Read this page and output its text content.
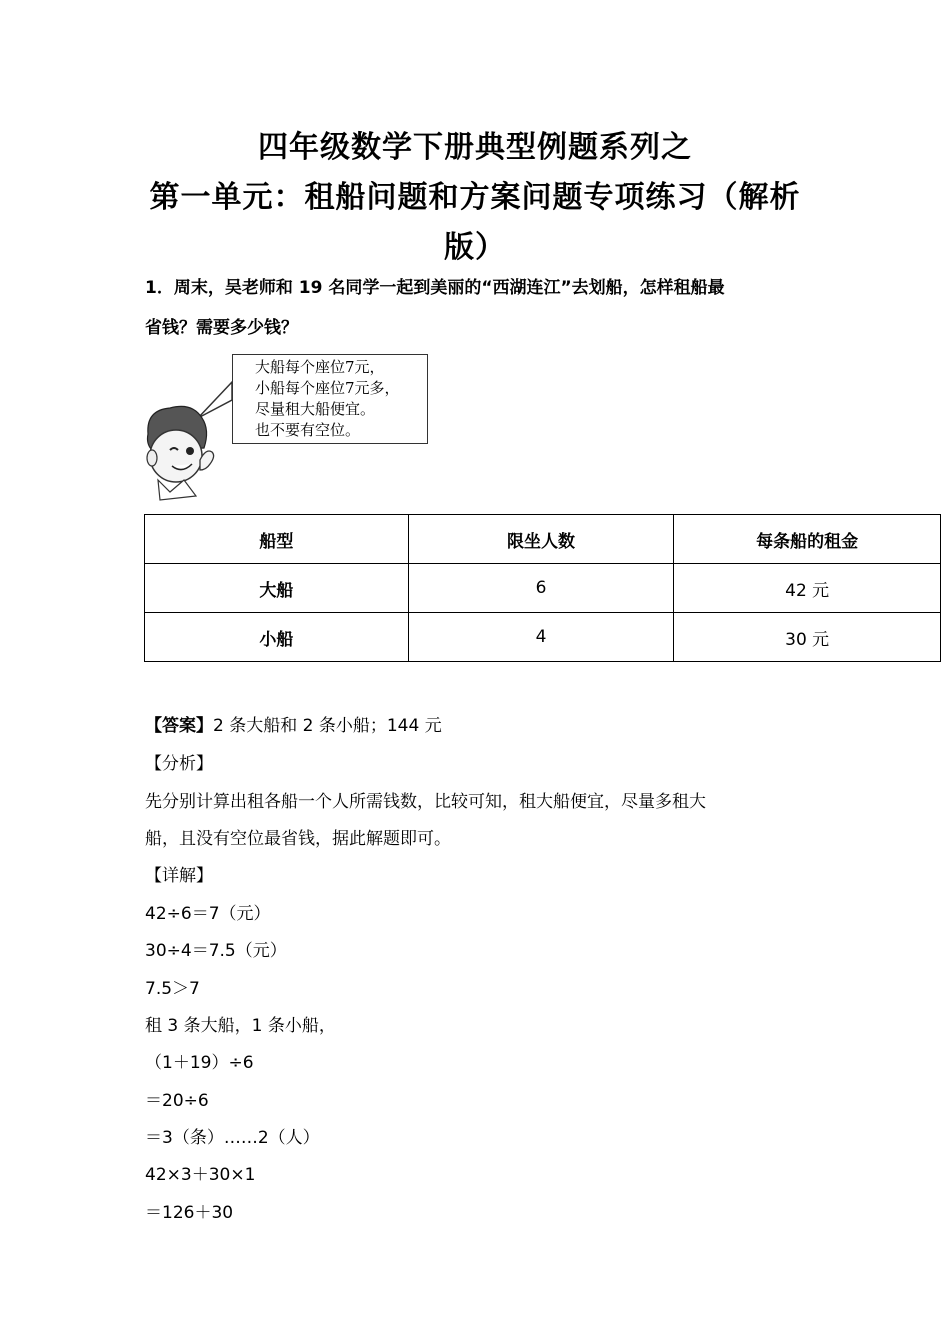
四年级数学下册典型例题系列之
第一单元：租船问题和方案问题专项练习（解析
版）
1．周末，吴老师和 19 名同学一起到美丽的“西湖连江”去划船，怎样租船最
省钱？需要多少钱？
大船每个座位7元，
小船每个座位7元多，
尽量租大船便宜。
也不要有空位。
船型	限坐人数	每条船的租金
大船	6	42 元
小船	4	30 元
【答案】2 条大船和 2 条小船；144 元
【分析】
先分别计算出租各船一个人所需钱数，比较可知，租大船便宜，尽量多租大
船，且没有空位最省钱，据此解题即可。
【详解】
42÷6＝7（元）
30÷4＝7.5（元）
7.5＞7
租 3 条大船，1 条小船，
（1＋19）÷6
＝20÷6
＝3（条）……2（人）
42×3＋30×1
＝126＋30
